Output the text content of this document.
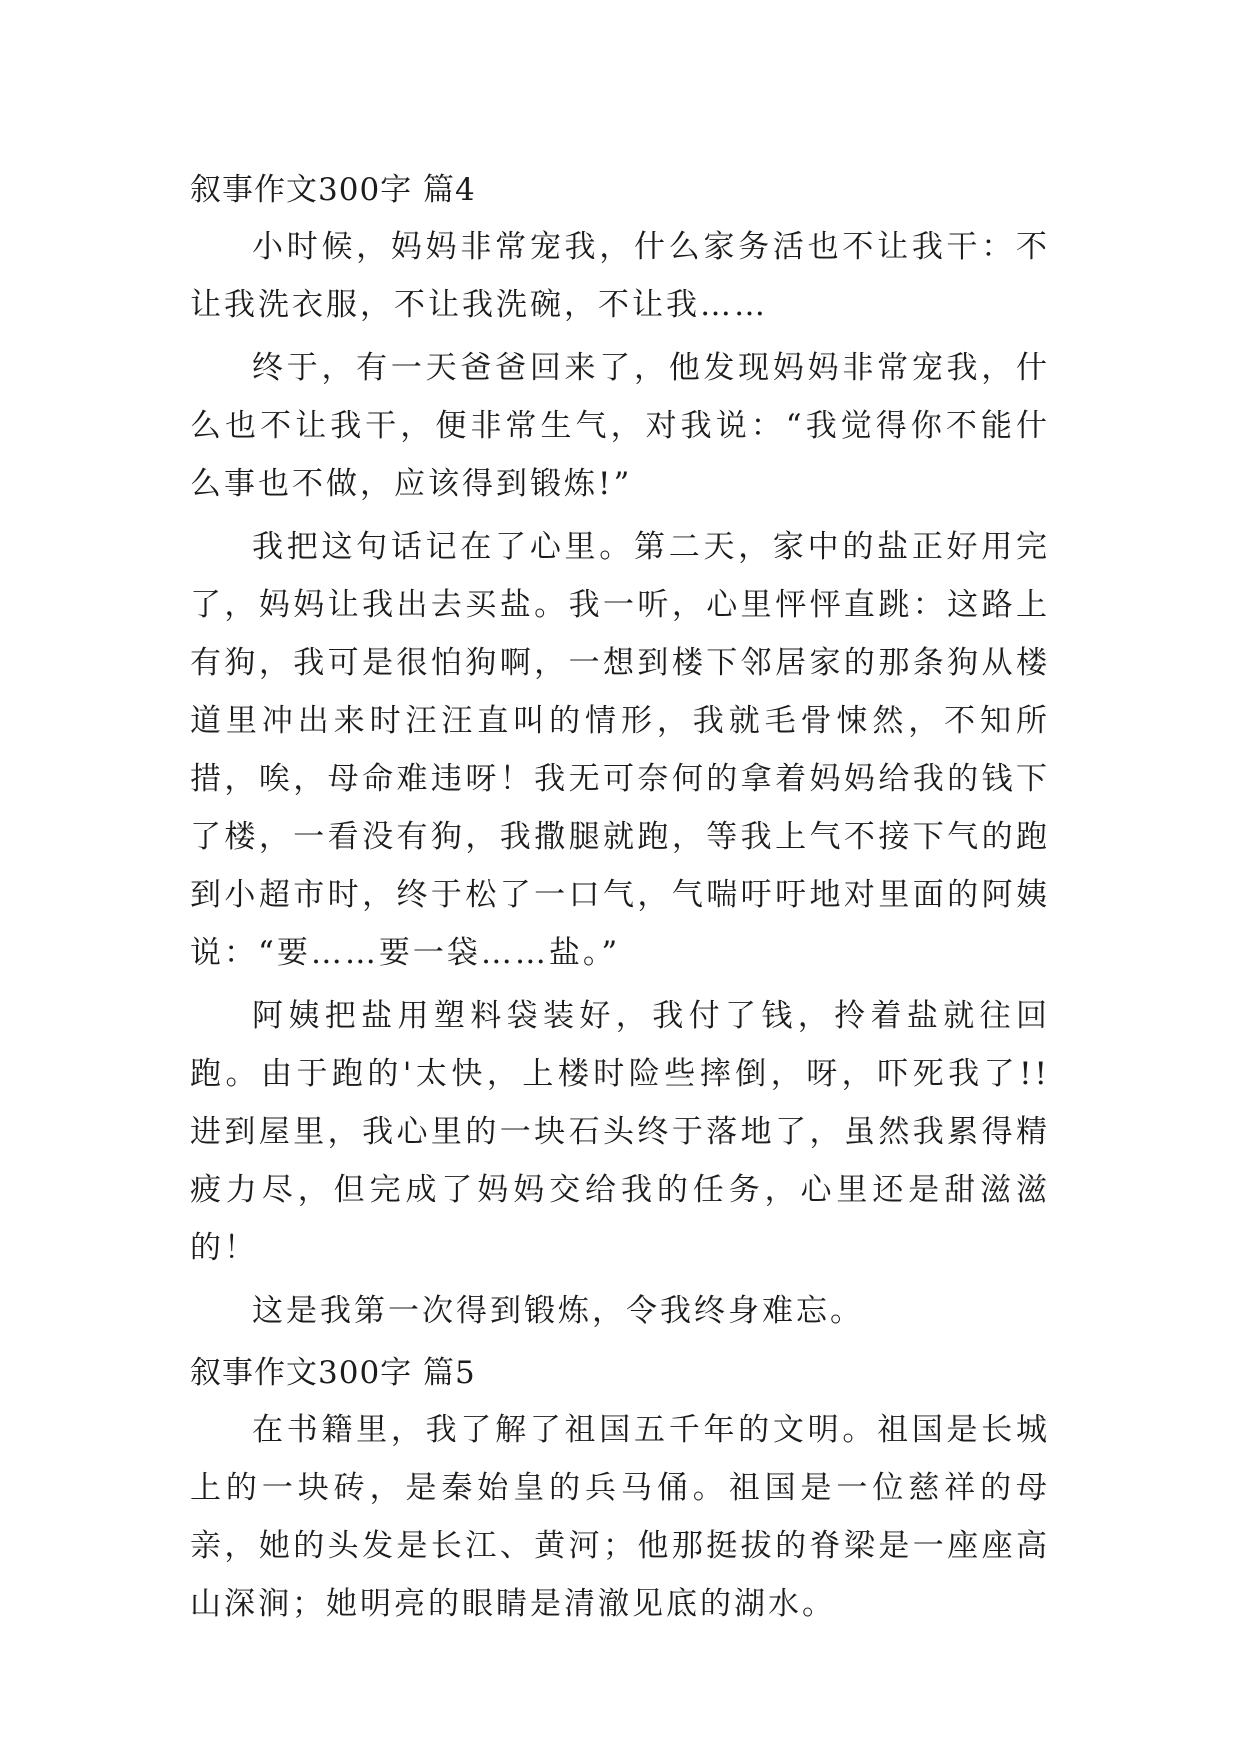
叙事作文300字 篇4

小时候，妈妈非常宠我，什么家务活也不让我干：不让我洗衣服，不让我洗碗，不让我……

终于，有一天爸爸回来了，他发现妈妈非常宠我，什么也不让我干，便非常生气，对我说：“我觉得你不能什么事也不做，应该得到锻炼!”

我把这句话记在了心里。第二天，家中的盐正好用完了，妈妈让我出去买盐。我一听，心里怦怦直跳：这路上有狗，我可是很怕狗啊，一想到楼下邻居家的那条狗从楼道里冲出来时汪汪直叫的情形，我就毛骨悚然，不知所措，唉，母命难违呀！我无可奈何的拿着妈妈给我的钱下了楼，一看没有狗，我撒腿就跑，等我上气不接下气的跑到小超市时，终于松了一口气，气喘吁吁地对里面的阿姨说：“要……要一袋……盐。”

阿姨把盐用塑料袋装好，我付了钱，拎着盐就往回跑。由于跑的'太快，上楼时险些摔倒，呀，吓死我了!! 进到屋里，我心里的一块石头终于落地了，虽然我累得精疲力尽，但完成了妈妈交给我的任务，心里还是甜滋滋的！

这是我第一次得到锻炼，令我终身难忘。

叙事作文300字 篇5

在书籍里，我了解了祖国五千年的文明。祖国是长城上的一块砖，是秦始皇的兵马俑。祖国是一位慈祥的母亲，她的头发是长江、黄河；他那挺拔的脊梁是一座座高山深涧；她明亮的眼睛是清澈见底的湖水。
